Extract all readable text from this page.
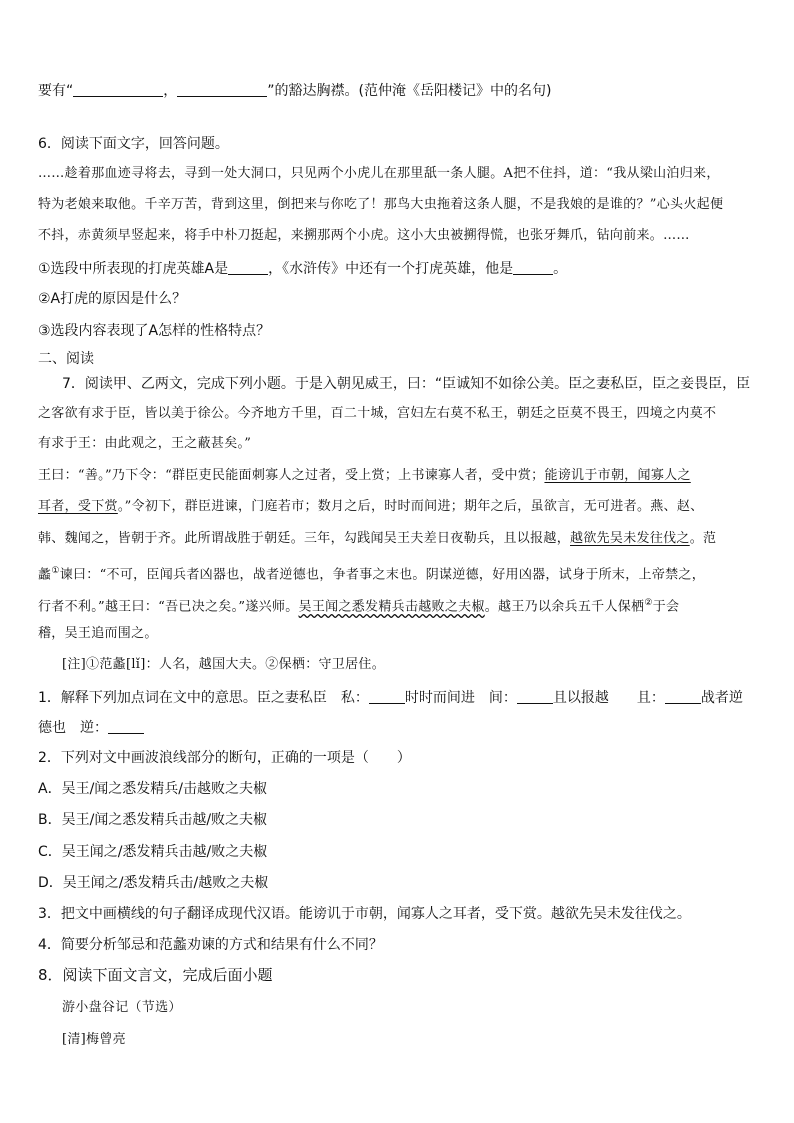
要有“	，	”的豁达胸襟。(范仲淹《岳阳楼记》中的名句)
6．阅读下面文字，回答问题。
……趁着那血迹寻将去，寻到一处大洞口，只见两个小虎儿在那里舐一条人腿。A把不住抖，道：“我从梁山泊归来，
特为老娘来取他。千辛万苦，背到这里，倒把来与你吃了！那鸟大虫拖着这条人腿，不是我娘的是谁的？”心头火起便
不抖，赤黄须早竖起来，将手中朴刀挺起，来搠那两个小虎。这小大虫被搠得慌，也张牙舞爪，钻向前来。……
①选段中所表现的打虎英雄A是	，《水浒传》中还有一个打虎英雄，他是	。
②A打虎的原因是什么？
③选段内容表现了A怎样的性格特点？
二、阅读
7．阅读甲、乙两文，完成下列小题。于是入朝见威王，曰：“臣诚知不如徐公美。臣之妻私臣，臣之妾畏臣，臣
之客欲有求于臣，皆以美于徐公。今齐地方千里，百二十城，宫妇左右莫不私王，朝廷之臣莫不畏王，四境之内莫不
有求于王：由此观之，王之蔽甚矣。”
王曰：“善。”乃下令：“群臣吏民能面刺寡人之过者，受上赏；上书谏寡人者，受中赏；能谤讥于市朝，闻寡人之
耳者，受下赏。”令初下，群臣进谏，门庭若市；数月之后，时时而间进；期年之后，虽欲言，无可进者。燕、赵、
韩、魏闻之，皆朝于齐。此所谓战胜于朝廷。三年，勾践闻吴王夫差日夜勒兵，且以报越，越欲先吴未发往伐之。范
蠡①谏曰：“不可，臣闻兵者凶器也，战者逆德也，争者事之末也。阴谋逆德，好用凶器，试身于所末，上帝禁之，
行者不利。”越王曰：“吾已决之矣。”遂兴师。吴王闻之悉发精兵击越败之夫椒。越王乃以余兵五千人保栖②于会
稽，吴王追而围之。
[注]①范蠡[lǐ]：人名，越国大夫。②保栖：守卫居住。
1．解释下列加点词在文中的意思。臣之妻私臣　私：	时时而间进　间：	且以报越　　且：	战者逆
德也　逆：
2．下列对文中画波浪线部分的断句，正确的一项是（　　）
A．吴王/闻之悉发精兵/击越败之夫椒
B．吴王/闻之悉发精兵击越/败之夫椒
C．吴王闻之/悉发精兵击越/败之夫椒
D．吴王闻之/悉发精兵击/越败之夫椒
3．把文中画横线的句子翻译成现代汉语。能谤讥于市朝，闻寡人之耳者，受下赏。越欲先吴未发往伐之。
4．简要分析邹忌和范蠡劝谏的方式和结果有什么不同？
8．阅读下面文言文，完成后面小题
游小盘谷记（节选）
[清]梅曾亮
